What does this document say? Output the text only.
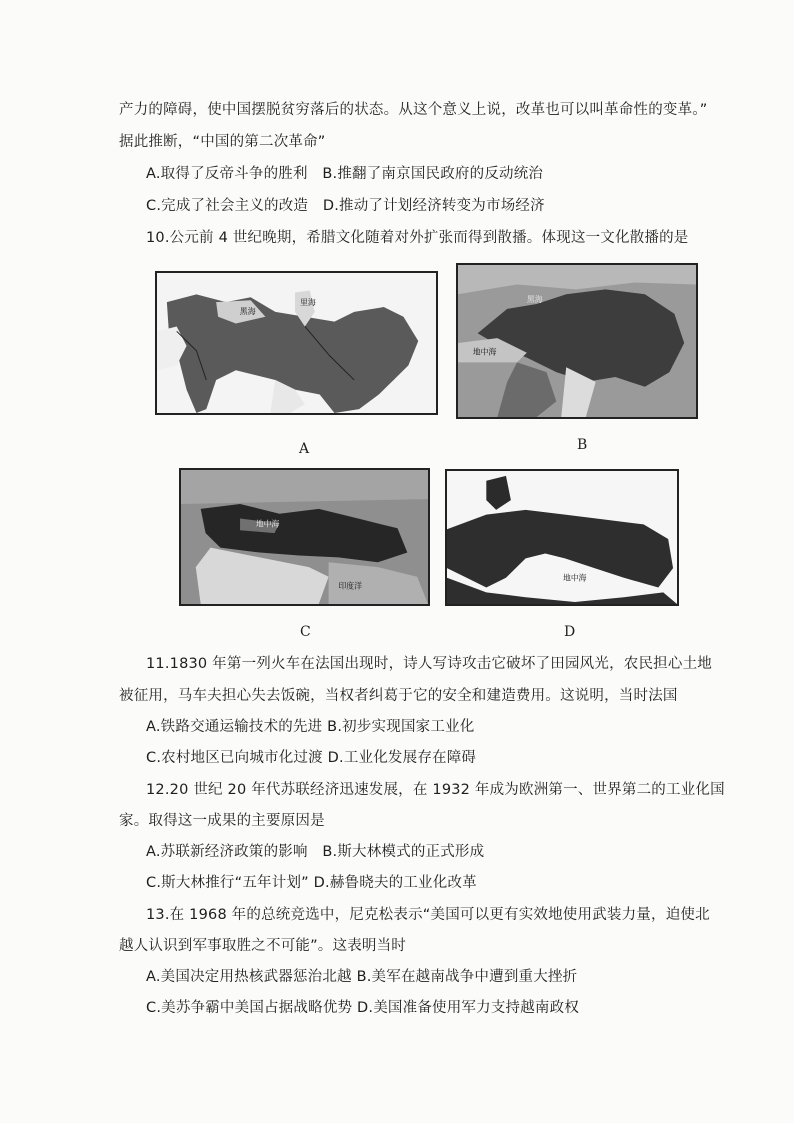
产力的障碍，使中国摆脱贫穷落后的状态。从这个意义上说，改革也可以叫革命性的变革。”
据此推断，“中国的第二次革命”
A.取得了反帝斗争的胜利　B.推翻了南京国民政府的反动统治
C.完成了社会主义的改造　D.推动了计划经济转变为市场经济
10.公元前 4 世纪晚期，希腊文化随着对外扩张而得到散播。体现这一文化散播的是
黑海
里海
A
黑海
地中海
B
地中海
印度洋
C
地中海
D
11.1830 年第一列火车在法国出现时，诗人写诗攻击它破坏了田园风光，农民担心土地
被征用，马车夫担心失去饭碗，当权者纠葛于它的安全和建造费用。这说明，当时法国
A.铁路交通运输技术的先进 B.初步实现国家工业化
C.农村地区已向城市化过渡 D.工业化发展存在障碍
12.20 世纪 20 年代苏联经济迅速发展，在 1932 年成为欧洲第一、世界第二的工业化国
家。取得这一成果的主要原因是
A.苏联新经济政策的影响　B.斯大林模式的正式形成
C.斯大林推行“五年计划” D.赫鲁晓夫的工业化改革
13.在 1968 年的总统竞选中，尼克松表示“美国可以更有实效地使用武装力量，迫使北
越人认识到军事取胜之不可能”。这表明当时
A.美国决定用热核武器惩治北越 B.美军在越南战争中遭到重大挫折
C.美苏争霸中美国占据战略优势 D.美国准备使用军力支持越南政权
